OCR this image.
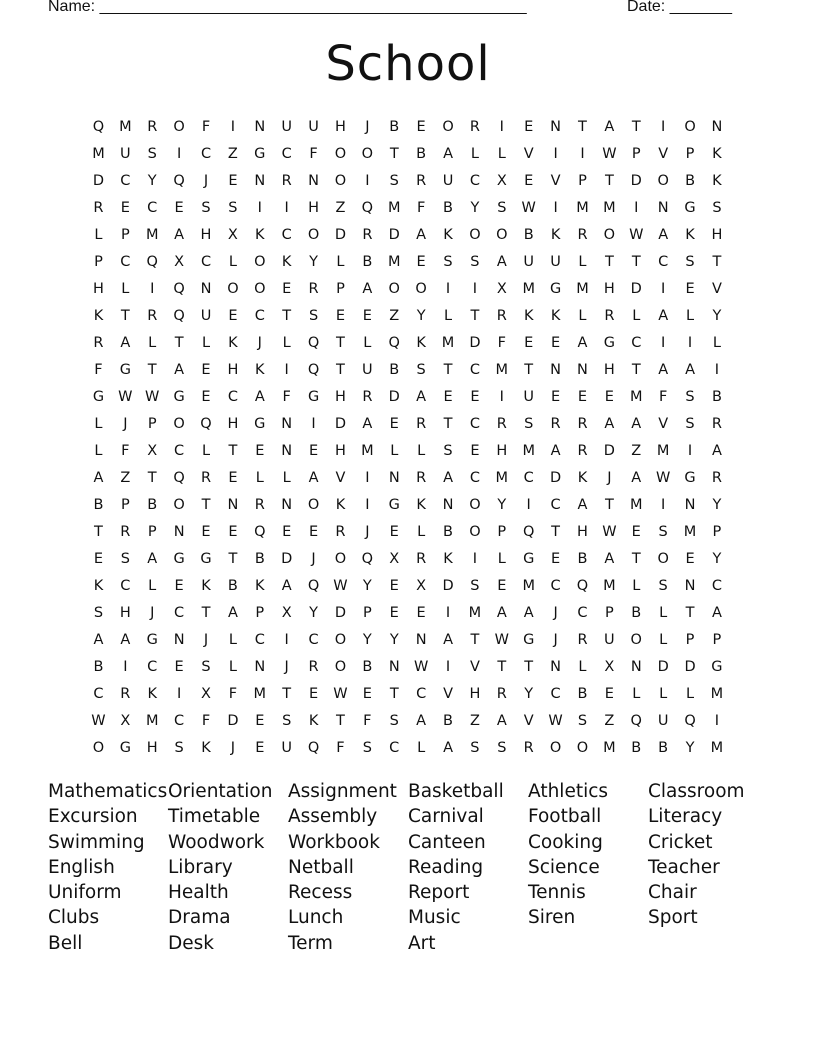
Name: ________________________________________________	Date: _______
School
Q	M	R	O	F	I	N	U	U	H	J	B	E	O	R	I	E	N	T	A	T	I	O	N
M	U	S	I	C	Z	G	C	F	O	O	T	B	A	L	L	V	I	I	W	P	V	P	K
D	C	Y	Q	J	E	N	R	N	O	I	S	R	U	C	X	E	V	P	T	D	O	B	K
R	E	C	E	S	S	I	I	H	Z	Q	M	F	B	Y	S	W	I	M M	I	N	G	S
L	P	M	A	H	X	K	C	O	D	R	D	A	K	O	O	B	K	R	O W	A	K	H
P	C	Q	X	C	L	O	K	Y	L	B	M	E	S	S	A	U	U	L	T	T	C	S	T
H	L	I	Q	N	O	O	E	R	P	A	O	O	I	I	X	M	G	M	H	D	I	E	V
K	T	R	Q	U	E	C	T	S	E	E	Z	Y	L	T	R	K	K	L	R	L	A	L	Y
R	A	L	T	L	K	J	L	Q	T	L	Q	K	M	D	F	E	E	A	G	C	I	I	L
F	G	T	A	E	H	K	I	Q	T	U	B	S	T	C	M	T	N	N	H	T	A	A	I
G W W G	E	C	A	F	G	H	R	D	A	E	E	I	U	E	E	E	M	F	S	B
L	J	P	O	Q	H	G	N	I	D	A	E	R	T	C	R	S	R	R	A	A	V	S	R
L	F	X	C	L	T	E	N	E	H	M	L	L	S	E	H	M	A	R	D	Z	M	I	A
A	Z	T	Q	R	E	L	L	A	V	I	N	R	A	C	M	C	D	K	J	A	W G	R
B	P	B	O	T	N	R	N	O	K	I	G	K	N	O	Y	I	C	A	T	M	I	N	Y
T	R	P	N	E	E	Q	E	E	R	J	E	L	B	O	P	Q	T	H W	E	S	M	P
E	S	A	G	G	T	B	D	J	O	Q	X	R	K	I	L	G	E	B	A	T	O	E	Y
K	C	L	E	K	B	K	A	Q W	Y	E	X	D	S	E	M	C	Q	M	L	S	N	C
S	H	J	C	T	A	P	X	Y	D	P	E	E	I	M	A	A	J	C	P	B	L	T	A
A	A	G	N	J	L	C	I	C	O	Y	Y	N	A	T	W G	J	R	U	O	L	P	P
B	I	C	E	S	L	N	J	R	O	B	N W	I	V	T	T	N	L	X	N	D	D	G
C	R	K	I	X	F	M	T	E	W	E	T	C	V	H	R	Y	C	B	E	L	L	L	M
W	X	M	C	F	D	E	S	K	T	F	S	A	B	Z	A	V	W	S	Z	Q	U	Q	I
O	G	H	S	K	J	E	U	Q	F	S	C	L	A	S	S	R	O	O	M	B	B	Y	M
Mathematics Orientation Assignment Basketball	Athletics	Classroom
Excursion	Timetable	Assembly	Carnival	Football	Literacy
Swimming	Woodwork	Workbook	Canteen	Cooking	Cricket
English	Library	Netball	Reading	Science	Teacher
Uniform	Health	Recess	Report	Tennis	Chair
Clubs	Drama	Lunch	Music	Siren	Sport
Bell	Desk	Term	Art
